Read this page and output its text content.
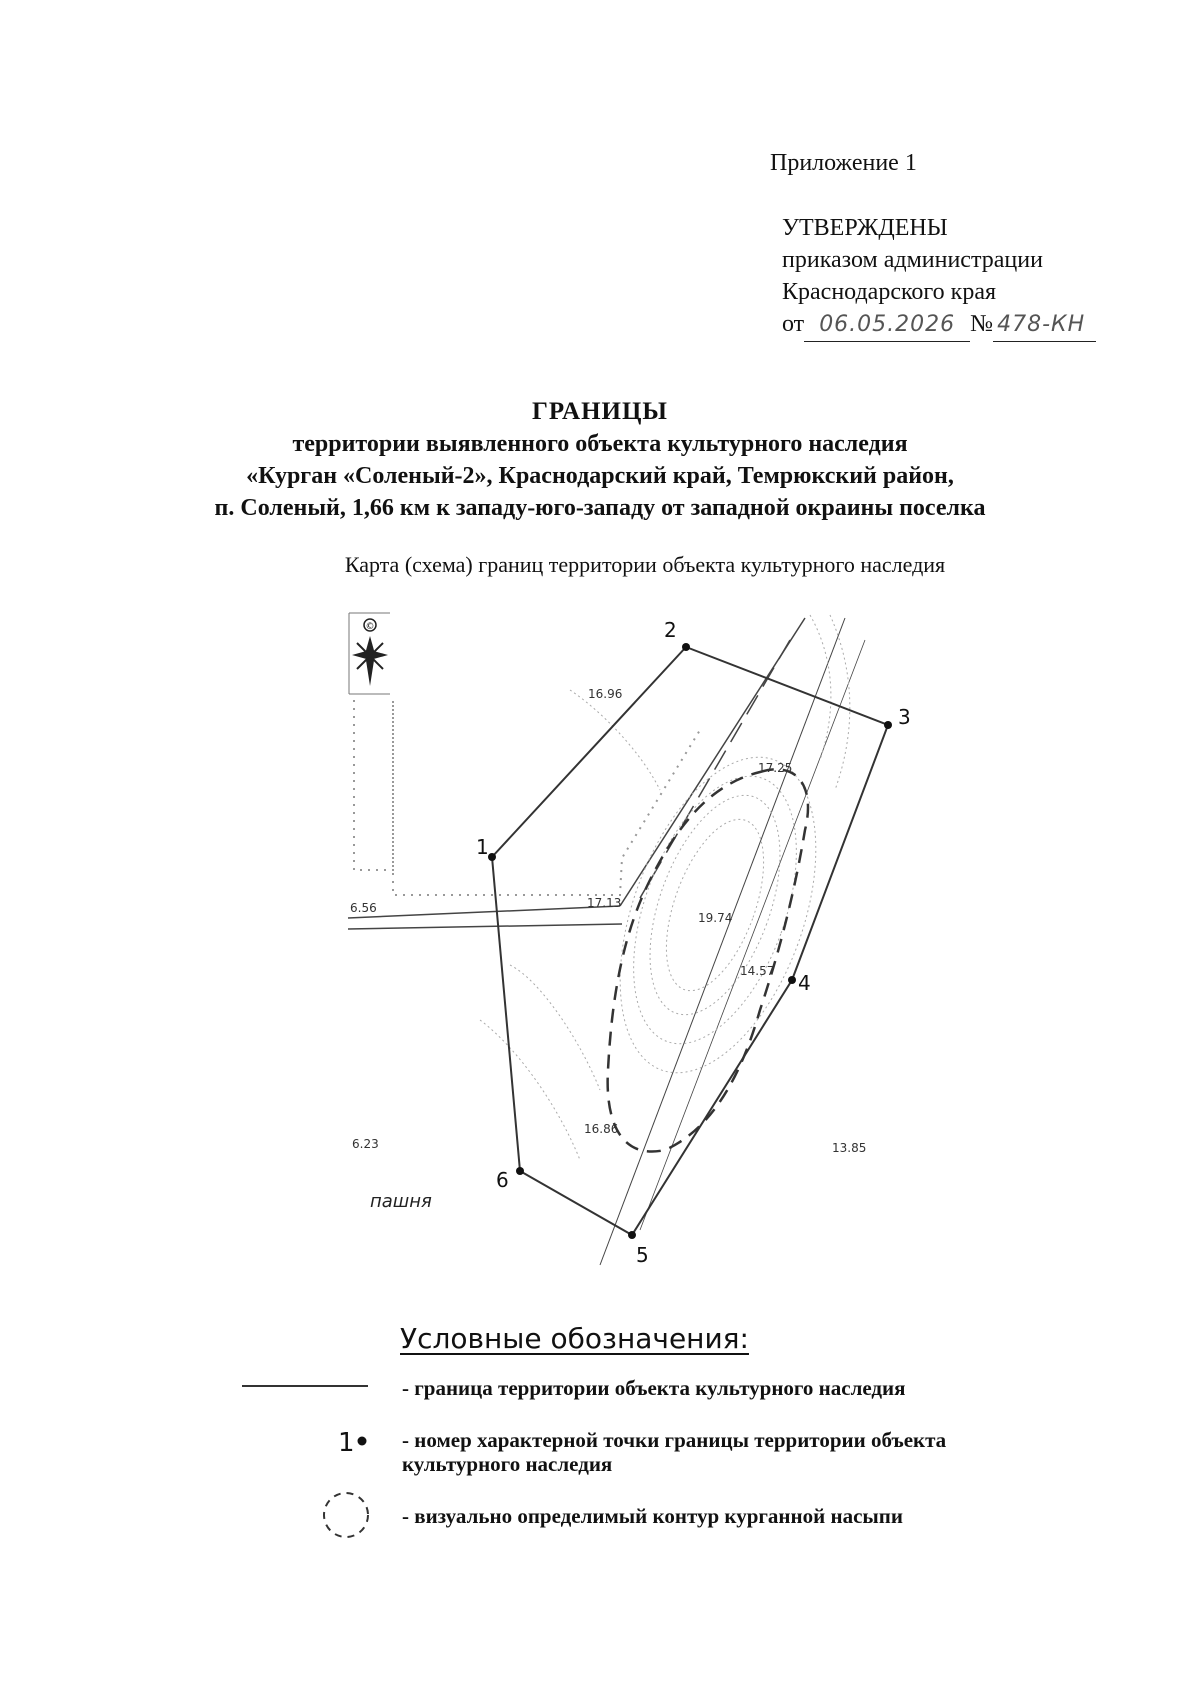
Приложение 1
УТВЕРЖДЕНЫ
приказом администрации
Краснодарского края
от 06.05.2026 № 478-КН
ГРАНИЦЫ
территории выявленного объекта культурного наследия
«Курган «Соленый-2», Краснодарский край, Темрюкский район,
п. Соленый, 1,66 км к западу-юго-западу от западной окраины поселка
Карта (схема) границ территории объекта культурного наследия
©
1
2
3
4
5
6
16.96
17.25
6.56	17.13
19.74
14.57
16.86
6.23	13.85
пашня
Условные обозначения:
- граница территории объекта культурного наследия
1 - номер характерной точки границы территории объекта культурного наследия
- визуально определимый контур курганной насыпи
